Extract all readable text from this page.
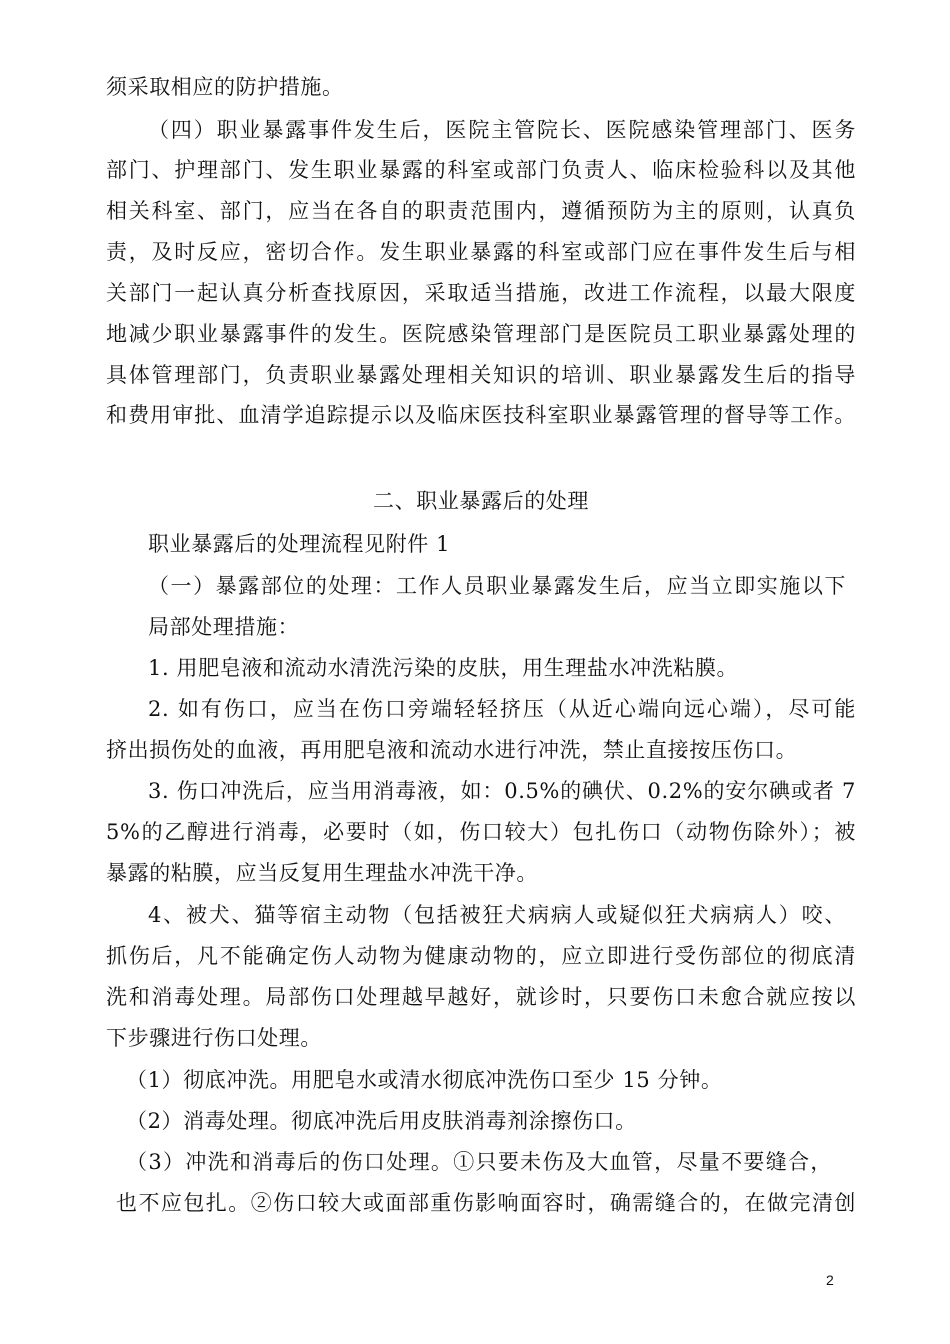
须采取相应的防护措施。
（四）职业暴露事件发生后，医院主管院长、医院感染管理部门、医务
部门、护理部门、发生职业暴露的科室或部门负责人、临床检验科以及其他
相关科室、部门，应当在各自的职责范围内，遵循预防为主的原则，认真负
责，及时反应，密切合作。发生职业暴露的科室或部门应在事件发生后与相
关部门一起认真分析查找原因，采取适当措施，改进工作流程，以最大限度
地减少职业暴露事件的发生。医院感染管理部门是医院员工职业暴露处理的
具体管理部门，负责职业暴露处理相关知识的培训、职业暴露发生后的指导
和费用审批、血清学追踪提示以及临床医技科室职业暴露管理的督导等工作。
二、职业暴露后的处理
职业暴露后的处理流程见附件 1
（一）暴露部位的处理：工作人员职业暴露发生后，应当立即实施以下
局部处理措施：
1. 用肥皂液和流动水清洗污染的皮肤，用生理盐水冲洗粘膜。
2. 如有伤口，应当在伤口旁端轻轻挤压（从近心端向远心端），尽可能
挤出损伤处的血液，再用肥皂液和流动水进行冲洗，禁止直接按压伤口。
3. 伤口冲洗后，应当用消毒液，如：0.5%的碘伏、0.2%的安尔碘或者 7
5%的乙醇进行消毒，必要时（如，伤口较大）包扎伤口（动物伤除外）；被
暴露的粘膜，应当反复用生理盐水冲洗干净。
4、被犬、猫等宿主动物（包括被狂犬病病人或疑似狂犬病病人）咬、
抓伤后，凡不能确定伤人动物为健康动物的，应立即进行受伤部位的彻底清
洗和消毒处理。局部伤口处理越早越好，就诊时，只要伤口未愈合就应按以
下步骤进行伤口处理。
（1）彻底冲洗。用肥皂水或清水彻底冲洗伤口至少 15 分钟。
（2）消毒处理。彻底冲洗后用皮肤消毒剂涂擦伤口。
（3）冲洗和消毒后的伤口处理。①只要未伤及大血管，尽量不要缝合，
也不应包扎。②伤口较大或面部重伤影响面容时，确需缝合的，在做完清创
2
